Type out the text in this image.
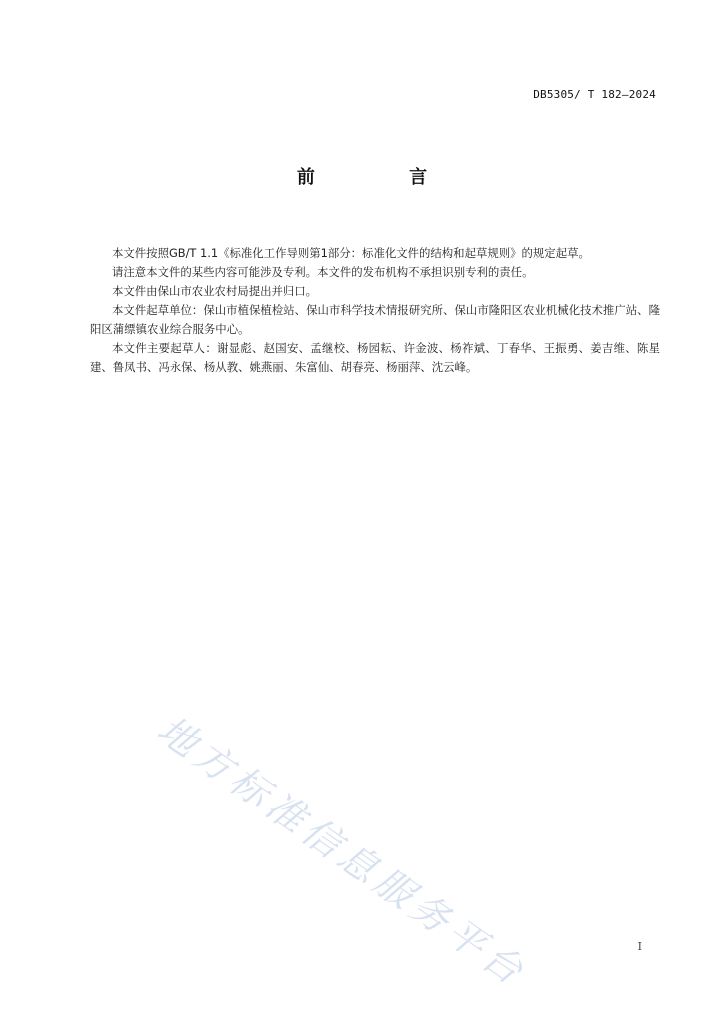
DB5305/ T 182—2024
前 言

本文件按照GB/T 1.1《标准化工作导则第1部分：标准化文件的结构和起草规则》的规定起草。

请注意本文件的某些内容可能涉及专利。本文件的发布机构不承担识别专利的责任。

本文件由保山市农业农村局提出并归口。

本文件起草单位：保山市植保植检站、保山市科学技术情报研究所、保山市隆阳区农业机械化技术推广站、隆阳区蒲缥镇农业综合服务中心。

本文件主要起草人：谢显彪、赵国安、孟继校、杨园耘、许金波、杨祚斌、丁春华、王振勇、姜吉维、陈星建、鲁凤书、冯永保、杨从教、姚燕丽、朱富仙、胡春亮、杨丽萍、沈云峰。

地方标准信息服务平台	I
